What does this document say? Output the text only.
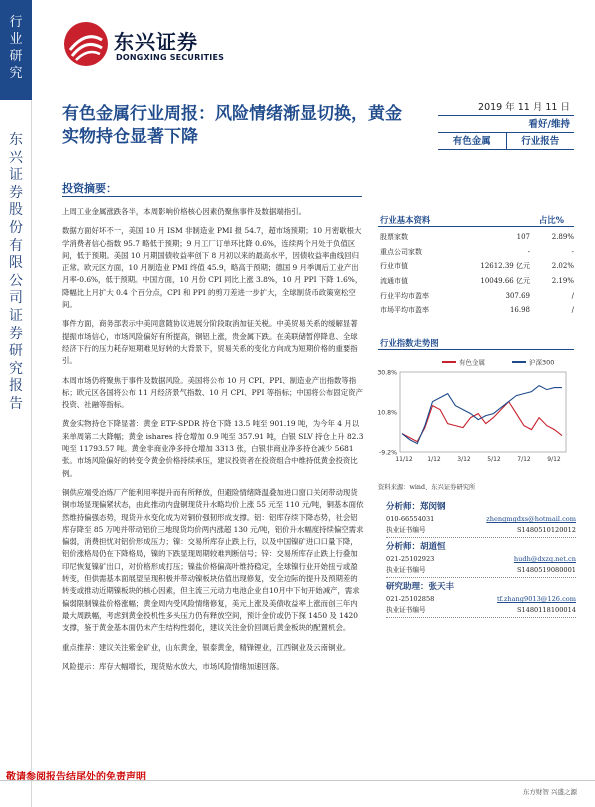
行业研究
东兴证券股份有限公司证券研究报告
东兴证券
DONGXING SECURITIES
有色金属行业周报：风险情绪渐显切换，黄金实物持仓显著下降
2019 年 11 月 11 日
看好/维持
有色金属	行业报告
投资摘要：

上周工业金属涨跌各半，本周影响价格核心因素仍聚焦事件及数据端指引。

数据方面好坏不一，美国 10 月 ISM 非制造业 PMI 报 54.7，超市场预期；10 月密歇根大学消费者信心指数 95.7 略低于预期；9 月工厂订单环比降 0.6%，连续两个月处于负值区间，低于预期。美国 10 月期国债收益率创下 8 月初以来的最高水平，因债收益率曲线回归正常。欧元区方面，10 月制造业 PMI 终值 45.9，略高于预期；德国 9 月季调后工业产出月率-0.6%，低于预期。中国方面，10 月份 CPI 同比上涨 3.8%，10 月 PPI 下降 1.6%，降幅比上月扩大 0.4 个百分点，CPI 和 PPI 的剪刀差进一步扩大，全球制货币政策宽松空间。

事件方面，商务部表示中美同意随协议进展分阶段取消加征关税。中美贸易关系的缓解显著提振市场信心，市场风险偏好有所提高，铜铝上涨，贵金属下跌。在美联储暂停降息、全球经济下行的压力耗存短期难见好转的大背景下，贸易关系的变化方向成为短期价格的重要指引。

本周市场仍将聚焦于事件及数据风险。美国将公布 10 月 CPI、PPI、制造业产出指数等指标；欧元区各国将公布 11 月经济景气指数、10 月 CPI、PPI 等指标；中国将公布固定资产投资、社融等指标。

黄金实物持仓下降显著：黄金 ETF-SPDR 持仓下降 13.5 吨至 901.19 吨，为今年 4 月以来单周第二大降幅；黄金 ishares 持仓增加 0.9 吨至 357.91 吨，白银 SLV 持仓上升 82.3 吨至 11793.57 吨。黄金非商业净多持仓增加 3313 张，白银非商业净多持仓减少 5681 张。市场风险偏好的转变令黄金价格持续承压，建议投资者在投资组合中维持低黄金投资比例。

铜供应端受冶炼厂产能利用率提升而有所释放，但避险情绪降温叠加进口窗口关闭带动现货铜市场显现偏紧状态，由此推动内盘铜现货升水略均价上涨 55 元至 110 元/吨，铜基本面依然维持偏强态势，现货升水变化成为对铜价强韧形成支撑。铝：铝库存续下降态势，社会铝库存降至 85 万吨并带动铝价三地现货均价两内涨超 130 元/吨，铝价升水幅度持续偏空需求偏弱，消费担忧对铝价形成压力；镍：交易所库存止跌上行，以及中国镍矿进口口量下降，铝价涨格局仍在下降格局，镍的下跌显现周期较难判断信号；锌：交易所库存止跌上行叠加印尼恢复镍矿出口，对价格形成打压；镍盐价格偏高叶维持稳定，全球镍行业开始扭亏或盈转变，但供需基本面展望呈现积极并带动镍板块估值出现修复，安全边际的提升及预期差的转变或推动近期镍板块的核心因素，但主流三元动力电池企业自10月中下旬开始减产，需求偏弱限制镍盐价格涨幅；黄金周内受风险情绪修复，美元上涨及美债收益率上涨而创三年内最大周跌幅，考虑到黄金投机性多头压力仍有释放空间，预计金价或仍下探 1450 及 1420 支撑，鉴于黄金基本面仍未产生结构性弱化，建议关注金价回调后黄金板块的配置机会。

重点推荐：建议关注紫金矿业，山东黄金，银泰黄金，精锋锂业，江西铜业及云南铜业。

风险提示：库存大幅增长，现货贴水放大，市场风险情绪加速回落。

行业基本资料	占比%
股票家数	107	2.89%
重点公司家数	-	-
行业市值	12612.39 亿元	2.02%
流通市值	10049.66 亿元	2.19%
行业平均市盈率	307.69	/
市场平均市盈率	16.98	/
行业指数走势图
有色金属	沪深300
30.8%
10.8%
-9.2%
11/12 1/12	3/12	5/12	7/12	9/12
资料来源：wind、东兴证券研究所
分析师：郑闵钢
010-66554031	zhengmgdxs@hotmail.com
执业证书编号	S1480510120012
分析师：胡道恒
021-25102923	hudh@dxzq.net.cn
执业证书编号	S1480519080001
研究助理：张天丰
021-25102858	tf.zhang9013@126.com
执业证书编号	S1480118100014
敬请参阅报告结尾处的免责声明
东方财智 兴盛之源
